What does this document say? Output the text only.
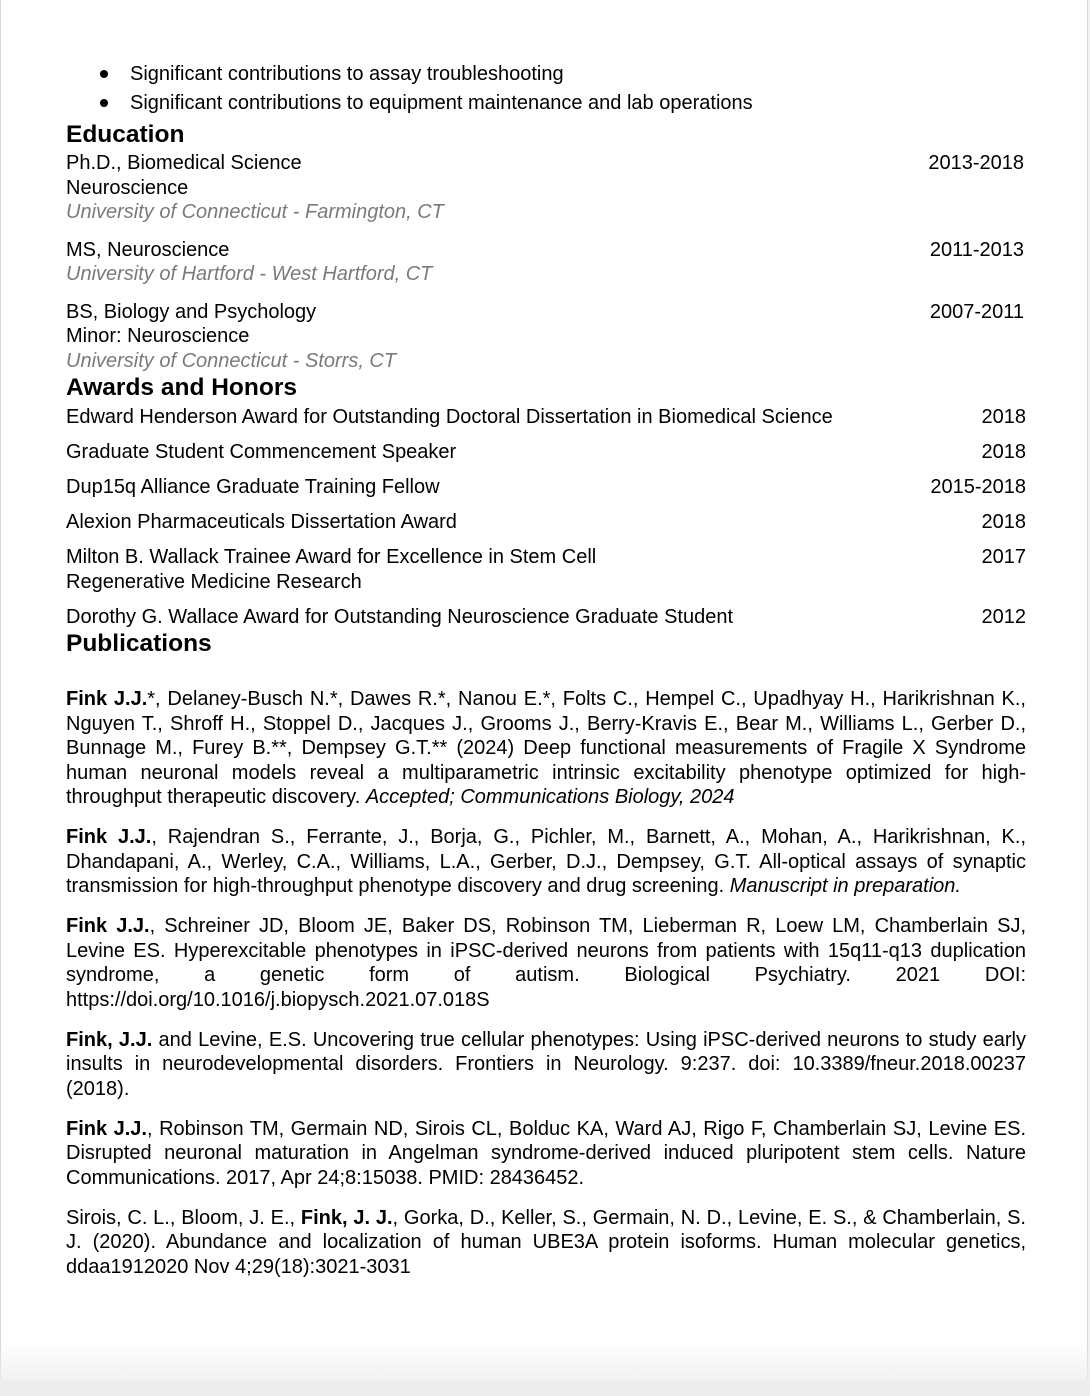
Significant contributions to assay troubleshooting
Significant contributions to equipment maintenance and lab operations
Education
Ph.D., Biomedical Science
Neuroscience
University of Connecticut - Farmington, CT
2013-2018
MS, Neuroscience
University of Hartford - West Hartford, CT
2011-2013
BS, Biology and Psychology
Minor: Neuroscience
University of Connecticut - Storrs, CT
2007-2011
Awards and Honors
Edward Henderson Award for Outstanding Doctoral Dissertation in Biomedical Science	2018
Graduate Student Commencement Speaker	2018
Dup15q Alliance Graduate Training Fellow	2015-2018
Alexion Pharmaceuticals Dissertation Award	2018
Milton B. Wallack Trainee Award for Excellence in Stem Cell Regenerative Medicine Research
2017
Dorothy G. Wallace Award for Outstanding Neuroscience Graduate Student	2012
Publications
Fink J.J.*, Delaney-Busch N.*, Dawes R.*, Nanou E.*, Folts C., Hempel C., Upadhyay H., Harikrishnan K., Nguyen T., Shroff H., Stoppel D., Jacques J., Grooms J., Berry-Kravis E., Bear M., Williams L., Gerber D., Bunnage M., Furey B.**, Dempsey G.T.** (2024) Deep functional measurements of Fragile X Syndrome human neuronal models reveal a multiparametric intrinsic excitability phenotype optimized for high-throughput therapeutic discovery. Accepted; Communications Biology, 2024
Fink J.J., Rajendran S., Ferrante, J., Borja, G., Pichler, M., Barnett, A., Mohan, A., Harikrishnan, K., Dhandapani, A., Werley, C.A., Williams, L.A., Gerber, D.J., Dempsey, G.T. All-optical assays of synaptic transmission for high-throughput phenotype discovery and drug screening. Manuscript in preparation.
Fink J.J., Schreiner JD, Bloom JE, Baker DS, Robinson TM, Lieberman R, Loew LM, Chamberlain SJ, Levine ES. Hyperexcitable phenotypes in iPSC-derived neurons from patients with 15q11-q13 duplication syndrome, a genetic form of autism. Biological Psychiatry. 2021 DOI: https://doi.org/10.1016/j.biopysch.2021.07.018S
Fink, J.J. and Levine, E.S. Uncovering true cellular phenotypes: Using iPSC-derived neurons to study early insults in neurodevelopmental disorders. Frontiers in Neurology. 9:237. doi: 10.3389/fneur.2018.00237 (2018).
Fink J.J., Robinson TM, Germain ND, Sirois CL, Bolduc KA, Ward AJ, Rigo F, Chamberlain SJ, Levine ES. Disrupted neuronal maturation in Angelman syndrome-derived induced pluripotent stem cells. Nature Communications. 2017, Apr 24;8:15038. PMID: 28436452.
Sirois, C. L., Bloom, J. E., Fink, J. J., Gorka, D., Keller, S., Germain, N. D., Levine, E. S., & Chamberlain, S. J. (2020). Abundance and localization of human UBE3A protein isoforms. Human molecular genetics, ddaa1912020 Nov 4;29(18):3021-3031
